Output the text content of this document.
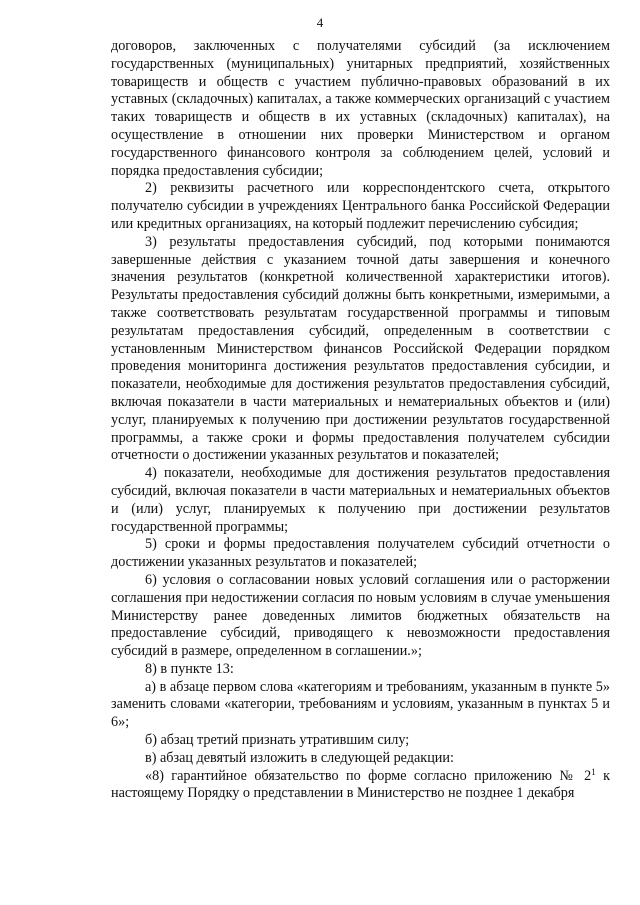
4

договоров, заключенных с получателями субсидий (за исключением государственных (муниципальных) унитарных предприятий, хозяйственных товариществ и обществ с участием публично-правовых образований в их уставных (складочных) капиталах, а также коммерческих организаций с участием таких товариществ и обществ в их уставных (складочных) капиталах), на осуществление в отношении них проверки Министерством и органом государственного финансового контроля за соблюдением целей, условий и порядка предоставления субсидии;

2) реквизиты расчетного или корреспондентского счета, открытого получателю субсидии в учреждениях Центрального банка Российской Федерации или кредитных организациях, на который подлежит перечислению субсидия;

3) результаты предоставления субсидий, под которыми понимаются завершенные действия с указанием точной даты завершения и конечного значения результатов (конкретной количественной характеристики итогов). Результаты предоставления субсидий должны быть конкретными, измеримыми, а также соответствовать результатам государственной программы и типовым результатам предоставления субсидий, определенным в соответствии с установленным Министерством финансов Российской Федерации порядком проведения мониторинга достижения результатов предоставления субсидии, и показатели, необходимые для достижения результатов предоставления субсидий, включая показатели в части материальных и нематериальных объектов и (или) услуг, планируемых к получению при достижении результатов государственной программы, а также сроки и формы предоставления получателем субсидии отчетности о достижении указанных результатов и показателей;

4) показатели, необходимые для достижения результатов предоставления субсидий, включая показатели в части материальных и нематериальных объектов и (или) услуг, планируемых к получению при достижении результатов государственной программы;

5) сроки и формы предоставления получателем субсидий отчетности о достижении указанных результатов и показателей;

6) условия о согласовании новых условий соглашения или о расторжении соглашения при недостижении согласия по новым условиям в случае уменьшения Министерству ранее доведенных лимитов бюджетных обязательств на предоставление субсидий, приводящего к невозможности предоставления субсидий в размере, определенном в соглашении.»;

8) в пункте 13:

а) в абзаце первом слова «категориям и требованиям, указанным в пункте 5» заменить словами «категории, требованиям и условиям, указанным в пунктах 5 и 6»;

б) абзац третий признать утратившим силу;

в) абзац девятый изложить в следующей редакции:

«8) гарантийное обязательство по форме согласно приложению № $2^1$ к настоящему Порядку о представлении в Министерство не позднее 1 декабря
